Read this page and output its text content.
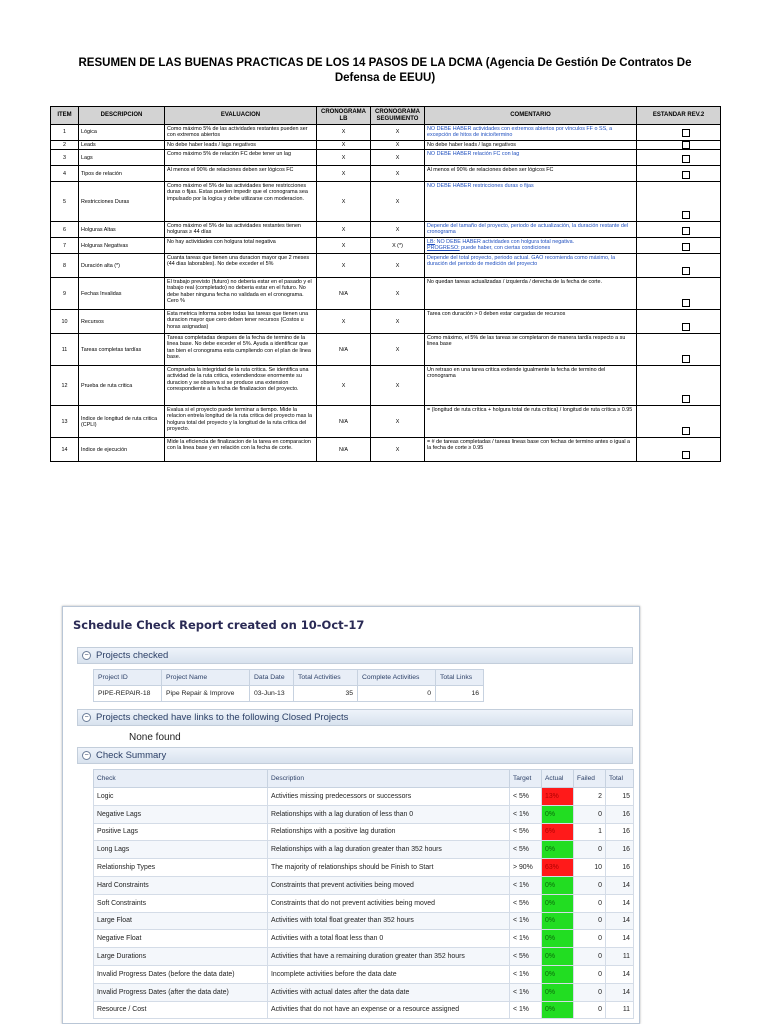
RESUMEN DE LAS BUENAS PRACTICAS DE LOS 14 PASOS DE LA DCMA (Agencia De Gestión De Contratos De Defensa de EEUU)
ITEM	DESCRIPCION	EVALUACION	CRONOGRAMA LB	CRONOGRAMA SEGUIMIENTO	COMENTARIO	ESTANDAR REV.2
1	Lógica	Como máximo 5% de las actividades restantes pueden ser con extremos abiertos	X	X	NO DEBE HABER actividades con extremos abiertos por vínculos FF o SS, a excepción de hitos de inicio/termino	

2	Leads	No debe haber leads / lags negativos	X	X	No debe haber leads / lags negativos	

3	Lags	Como máximo 5% de relación FC debe tener un lag	X	X	NO DEBE HABER relación FC con lag	

4	Tipos de relación	Al menos el 90% de relaciones deben ser lógicos FC	X	X	Al menos el 90% de relaciones deben ser lógicos FC	

5	Restricciones Duras	Como máximo el 5% de las actividades tiene restricciones duras o fijas. Estas pueden impedir que el cronograma sea impulsado por la logica y debe utilizarse con moderacion.	X	X	NO DEBE HABER restricciones duras o fijas	

6	Holguras Altas	Como máximo el 5% de las actividades restantes tienen holguras ≥ 44 días	X	X	Depende del tamaño del proyecto, periodo de actualización, la duración restante del cronograma	

7	Holguras Negativas	No hay actividades con holgura total negativa	X	X (*)	LB: NO DEBE HABER actividades con holgura total negativa.
PROGRESO: puede haber, con ciertas condiciones	

8	Duración alta (*)	Cuanta tareas que tienen una duracion mayor que 2 meses (44 dias laborables). No debe exceder el 5%	X	X	Depende del total proyecto, periodo actual. GAO recomienda como máximo, la duración del periodo de medición del proyecto	

9	Fechas Invalidas	El trabajo previsto (futuro) no deberia estar en el pasado y el trabajo real (completado) no deberia estar en el futuro. No debe haber ninguna fecha no validada en el cronograma. Cero %	N/A	X	No quedan tareas actualizadas / izquierda / derecha de la fecha de corte.	

10	Recursos	Esta metrica informa sobre todas las tareas que tienen una duracion mayor que cero deben tener recursos (Costos u horas asignadas)	X	X	Tarea con duración > 0 deben estar cargadas de recursos	

11	Tareas completas tardías	Tareas completadas despues de la fecha de termino de la linea base. No debe exceder el 5%. Ayuda a identificar que tan bien el cronograma esta cumpliendo con el plan de linea base.	N/A	X	Como máximo, el 5% de las tareas se completaron de manera tardía respecto a su linea base	

12	Prueba de ruta critica	Comprueba la integridad de la ruta critica. Se identifica una actividad de la ruta critica, extendiendose enormemte su duracion y se observa si se produce una extension correspondiente a la fecha de finalizacion del proyecto.	X	X	Un retraso en una tarea critica extiende igualmente la fecha de termino del cronograma	

13	Indice de longitud de ruta critica (CPLI)	Evalua si el proyecto puede terminar a tiempo. Mide la relacion entrela longitud de la ruta critica del proyecto mas la holgura total del proyecto y la longitud de la ruta crítica del proyecto.	N/A	X	= (longitud de ruta crítica + holgura total de ruta crítica) / longitud de ruta crítica ≥ 0.95	

14	Indice de ejecución	Mide la eficiencia de finalizacion de la tarea en comparacion con la linea base y en relación con la fecha de corte.	N/A	X	= # de tareas completadas / tareas lineas base con fechas de termino antes o igual a la fecha de corte ≥ 0.95	
Schedule Check Report created on 10-Oct-17
− Projects checked
Project ID	Project Name	Data Date	Total Activities	Complete Activities	Total Links
PIPE-REPAIR-18	Pipe Repair & Improve	03-Jun-13	35	0	16
− Projects checked have links to the following Closed Projects
None found
− Check Summary
Check	Description	Target	Actual	Failed	Total
Logic	Activities missing predecessors or successors	< 5%	13%	2	15
Negative Lags	Relationships with a lag duration of less than 0	< 1%	0%	0	16
Positive Lags	Relationships with a positive lag duration	< 5%	6%	1	16
Long Lags	Relationships with a lag duration greater than 352 hours	< 5%	0%	0	16
Relationship Types	The majority of relationships should be Finish to Start	> 90%	63%	10	16
Hard Constraints	Constraints that prevent activities being moved	< 1%	0%	0	14
Soft Constraints	Constraints that do not prevent activities being moved	< 5%	0%	0	14
Large Float	Activities with total float greater than 352 hours	< 1%	0%	0	14
Negative Float	Activities with a total float less than 0	< 1%	0%	0	14
Large Durations	Activities that have a remaining duration greater than 352 hours	< 5%	0%	0	11
Invalid Progress Dates (before the data date)	Incomplete activities before the data date	< 1%	0%	0	14
Invalid Progress Dates (after the data date)	Activities with actual dates after the data date	< 1%	0%	0	14
Resource / Cost	Activities that do not have an expense or a resource assigned	< 1%	0%	0	11
